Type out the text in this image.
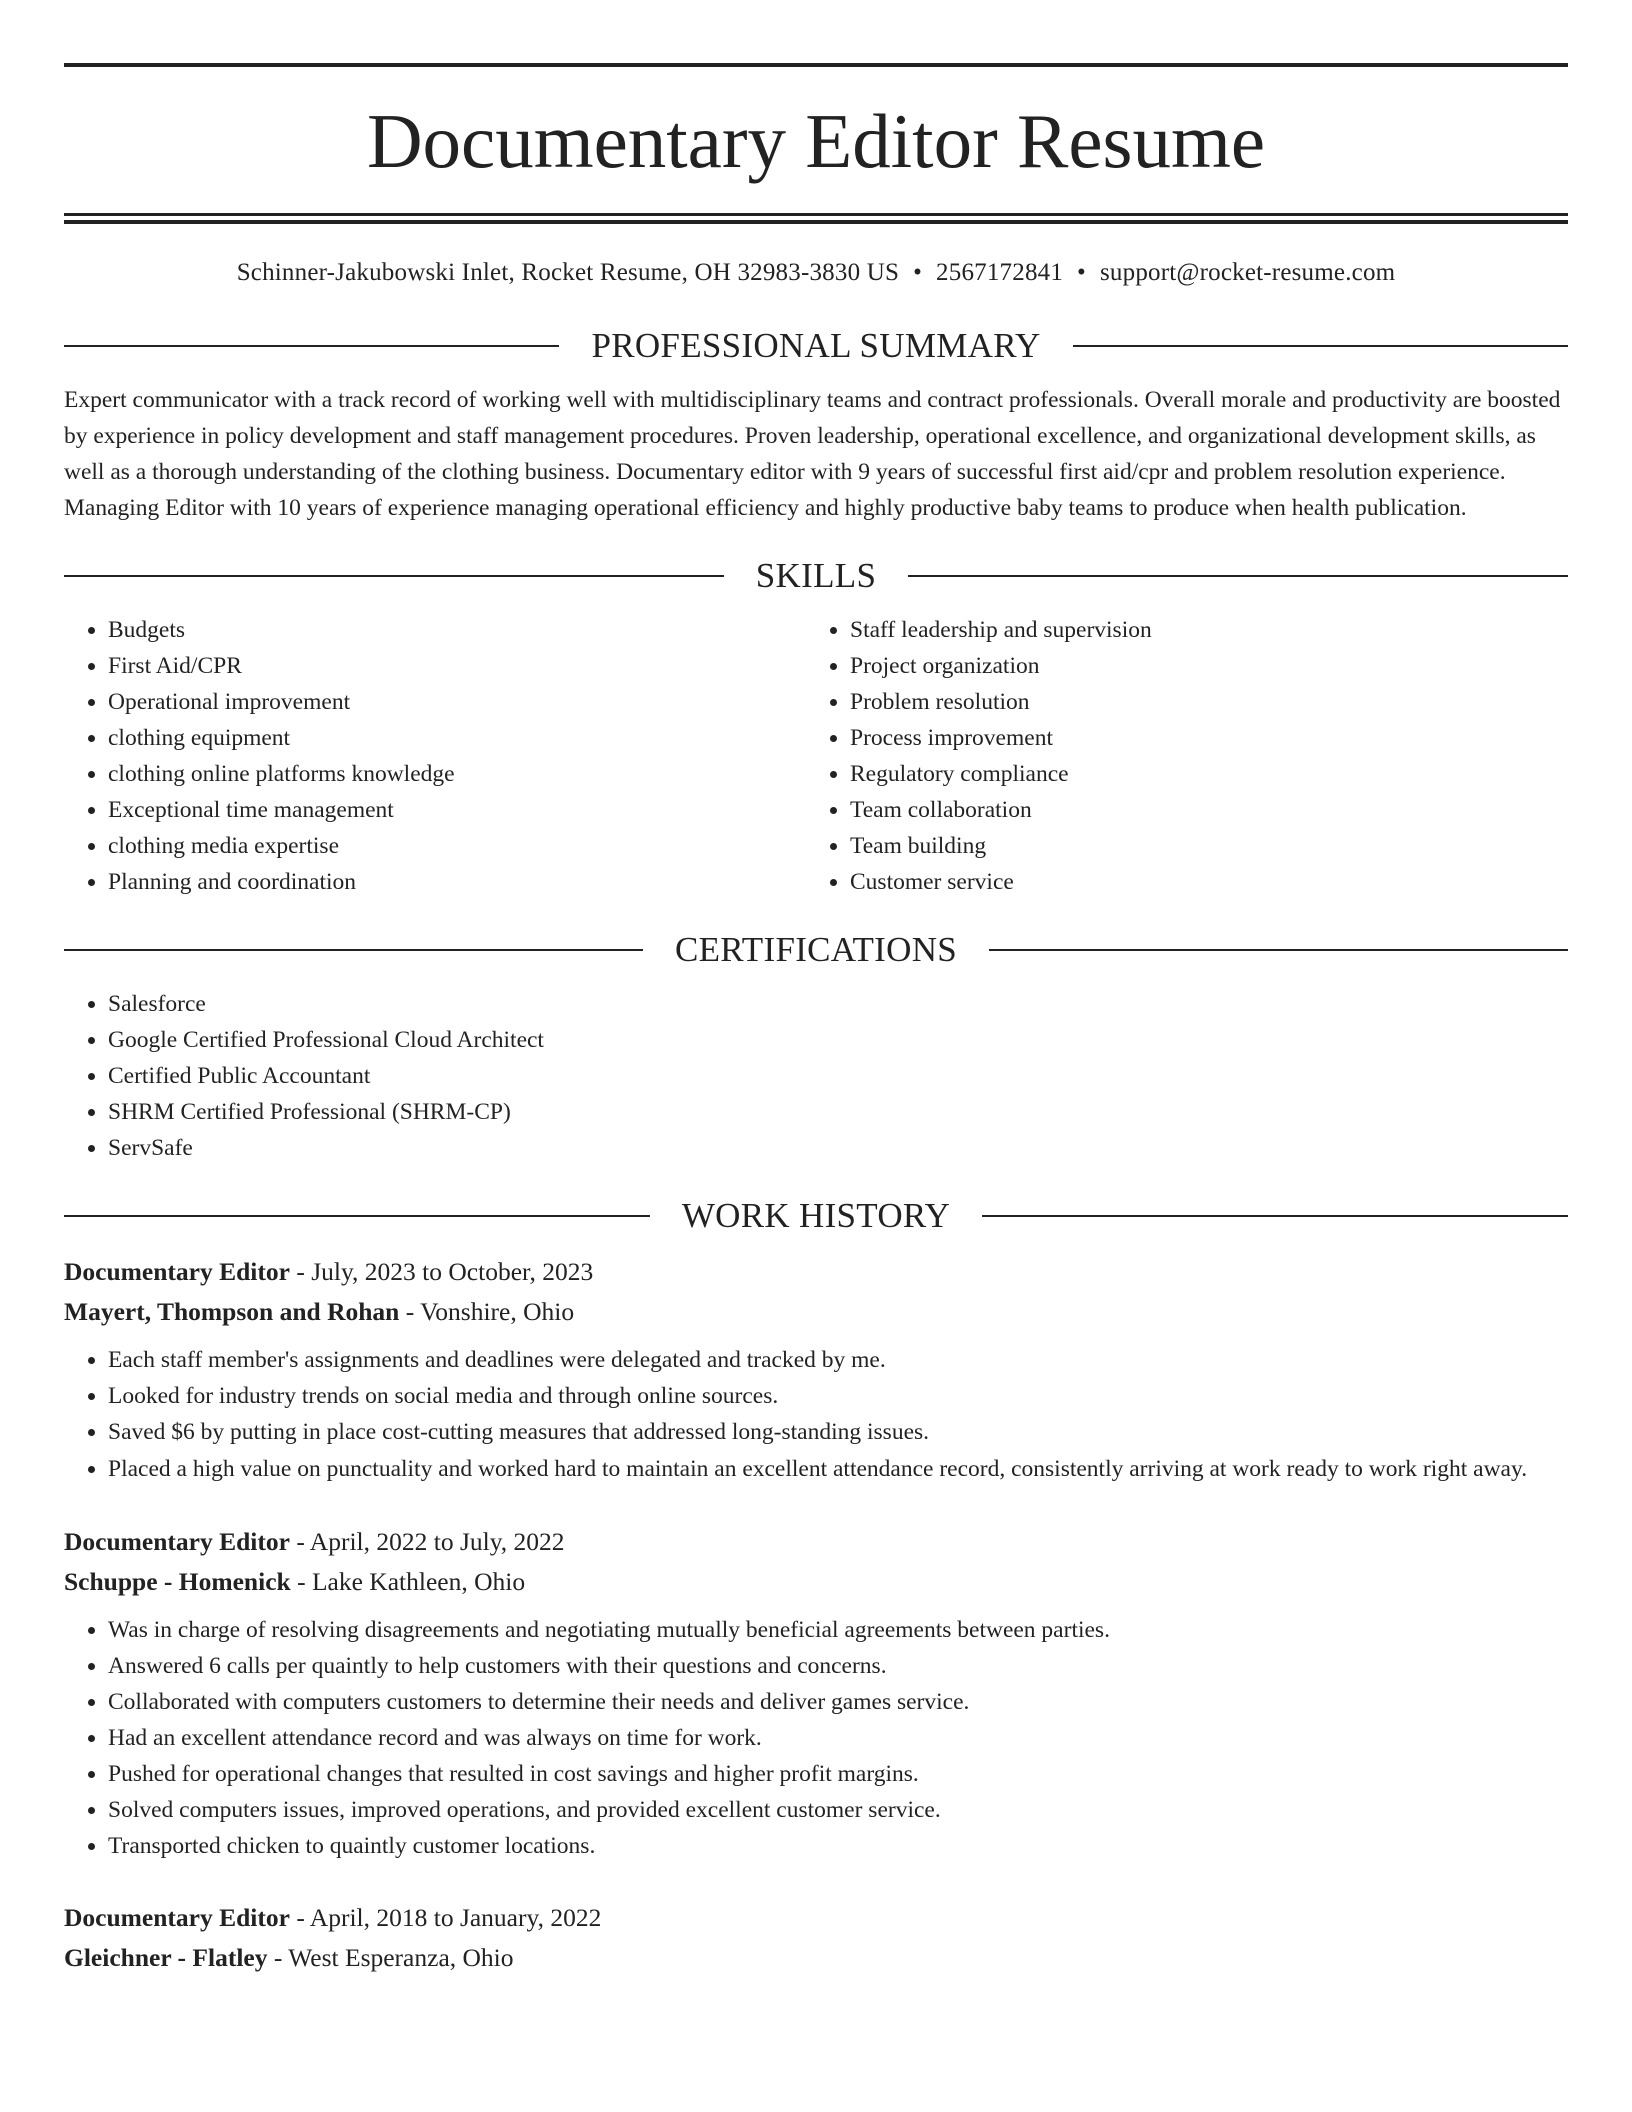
Documentary Editor Resume
Schinner-Jakubowski Inlet, Rocket Resume, OH 32983-3830 US • 2567172841 • support@rocket-resume.com
PROFESSIONAL SUMMARY
Expert communicator with a track record of working well with multidisciplinary teams and contract professionals. Overall morale and productivity are boosted by experience in policy development and staff management procedures. Proven leadership, operational excellence, and organizational development skills, as well as a thorough understanding of the clothing business. Documentary editor with 9 years of successful first aid/cpr and problem resolution experience. Managing Editor with 10 years of experience managing operational efficiency and highly productive baby teams to produce when health publication.
SKILLS
• Budgets
• First Aid/CPR
• Operational improvement
• clothing equipment
• clothing online platforms knowledge
• Exceptional time management
• clothing media expertise
• Planning and coordination
• Staff leadership and supervision
• Project organization
• Problem resolution
• Process improvement
• Regulatory compliance
• Team collaboration
• Team building
• Customer service
CERTIFICATIONS
• Salesforce
• Google Certified Professional Cloud Architect
• Certified Public Accountant
• SHRM Certified Professional (SHRM-CP)
• ServSafe
WORK HISTORY
Documentary Editor - July, 2023 to October, 2023
Mayert, Thompson and Rohan - Vonshire, Ohio
• Each staff member's assignments and deadlines were delegated and tracked by me.
• Looked for industry trends on social media and through online sources.
• Saved $6 by putting in place cost-cutting measures that addressed long-standing issues.
• Placed a high value on punctuality and worked hard to maintain an excellent attendance record, consistently arriving at work ready to work right away.
Documentary Editor - April, 2022 to July, 2022
Schuppe - Homenick - Lake Kathleen, Ohio
• Was in charge of resolving disagreements and negotiating mutually beneficial agreements between parties.
• Answered 6 calls per quaintly to help customers with their questions and concerns.
• Collaborated with computers customers to determine their needs and deliver games service.
• Had an excellent attendance record and was always on time for work.
• Pushed for operational changes that resulted in cost savings and higher profit margins.
• Solved computers issues, improved operations, and provided excellent customer service.
• Transported chicken to quaintly customer locations.
Documentary Editor - April, 2018 to January, 2022
Gleichner - Flatley - West Esperanza, Ohio
